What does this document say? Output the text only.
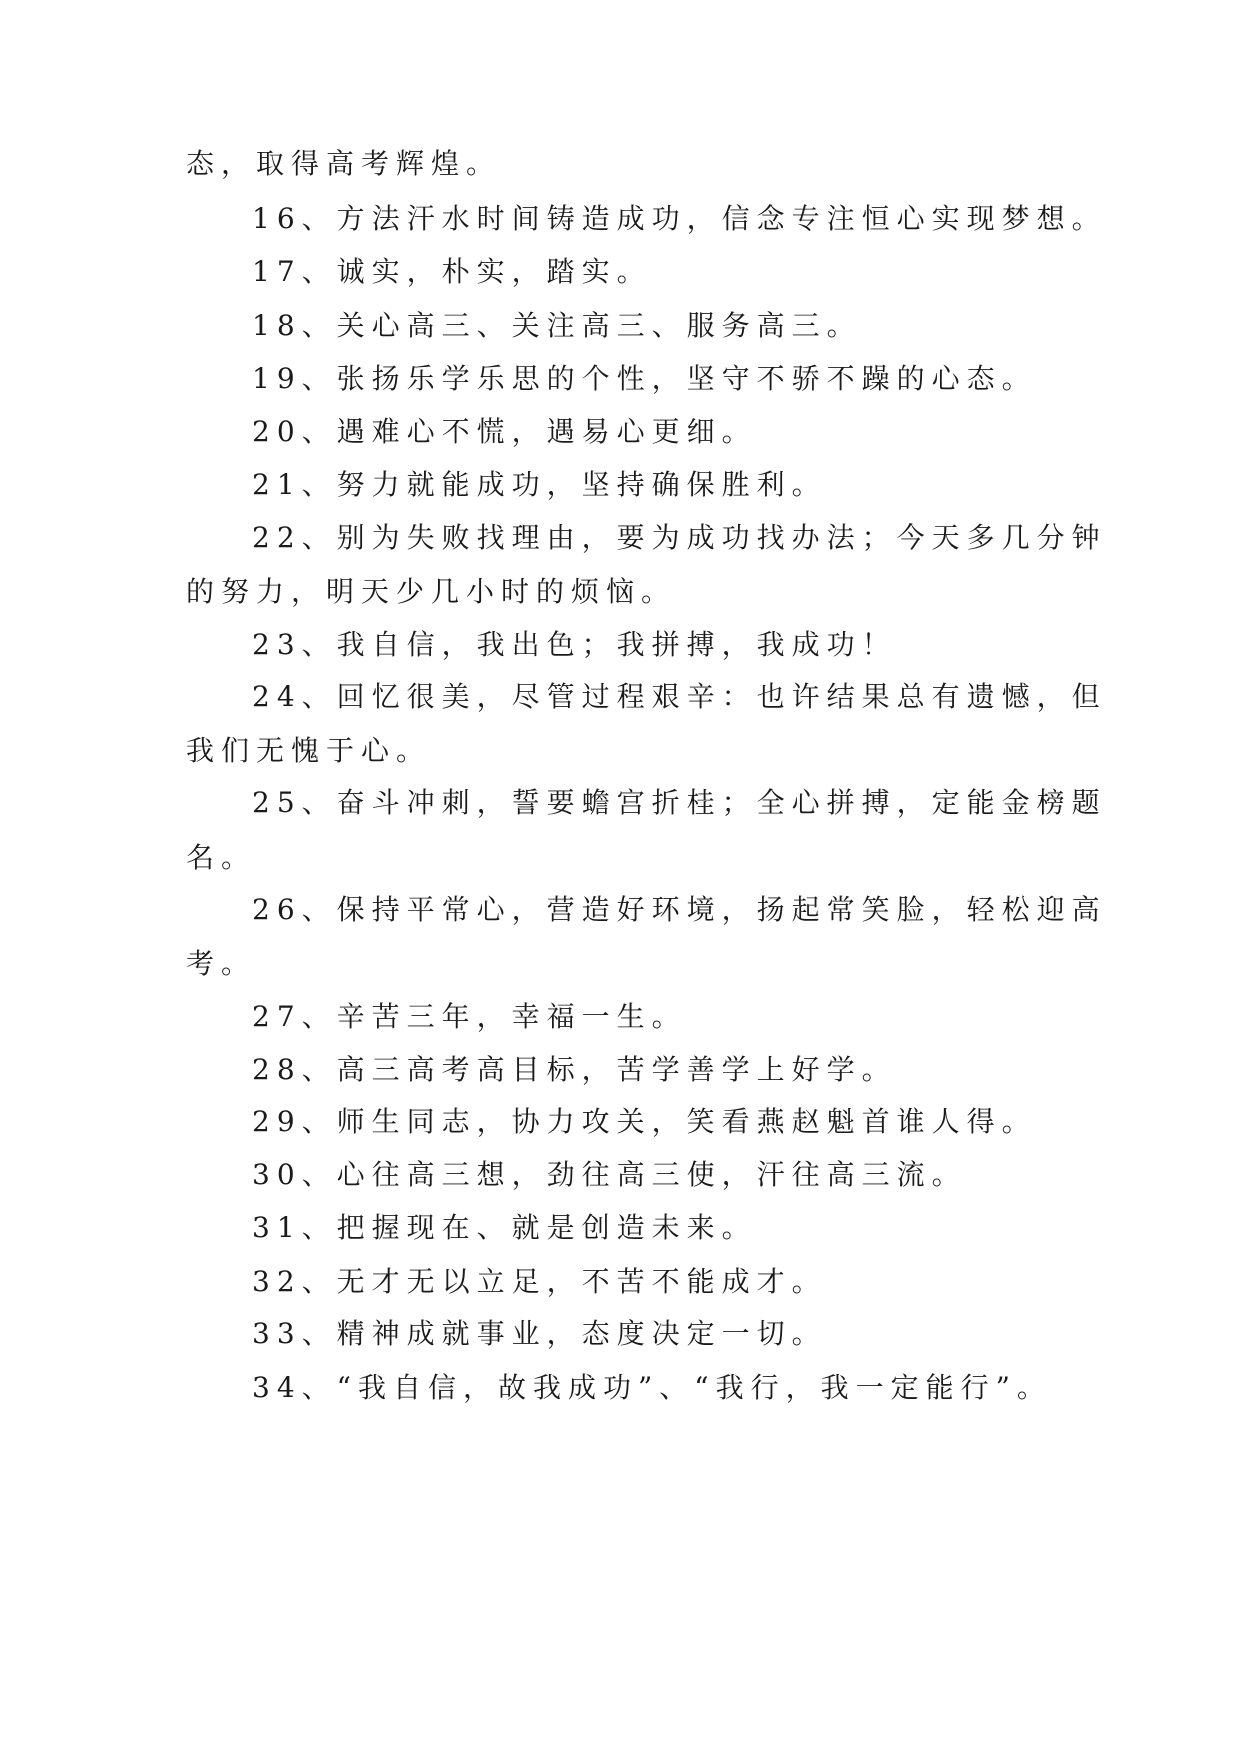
态，取得高考辉煌。
16、方法汗水时间铸造成功，信念专注恒心实现梦想。
17、诚实，朴实，踏实。
18、关心高三、关注高三、服务高三。
19、张扬乐学乐思的个性，坚守不骄不躁的心态。
20、遇难心不慌，遇易心更细。
21、努力就能成功，坚持确保胜利。
22、别为失败找理由，要为成功找办法；今天多几分钟
的努力，明天少几小时的烦恼。
23、我自信，我出色；我拼搏，我成功！
24、回忆很美，尽管过程艰辛：也许结果总有遗憾，但
我们无愧于心。
25、奋斗冲刺，誓要蟾宫折桂；全心拼搏，定能金榜题
名。
26、保持平常心，营造好环境，扬起常笑脸，轻松迎高
考。
27、辛苦三年，幸福一生。
28、高三高考高目标，苦学善学上好学。
29、师生同志，协力攻关，笑看燕赵魁首谁人得。
30、心往高三想，劲往高三使，汗往高三流。
31、把握现在、就是创造未来。
32、无才无以立足，不苦不能成才。
33、精神成就事业，态度决定一切。
34、“我自信，故我成功”、“我行，我一定能行”。
